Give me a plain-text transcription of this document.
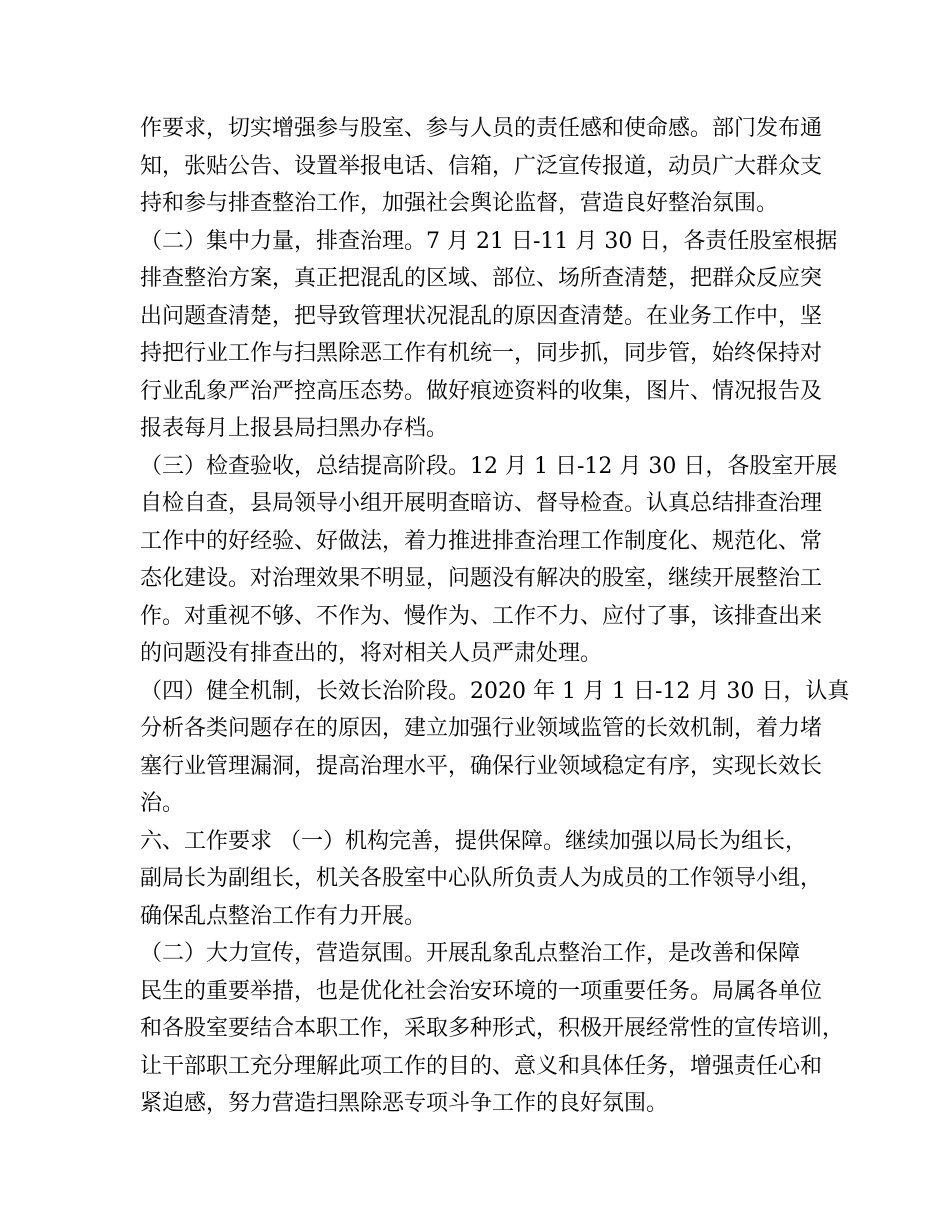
作要求，切实增强参与股室、参与人员的责任感和使命感。部门发布通
知，张贴公告、设置举报电话、信箱，广泛宣传报道，动员广大群众支
持和参与排查整治工作，加强社会舆论监督，营造良好整治氛围。
（二）集中力量，排查治理。7 月 21 日-11 月 30 日，各责任股室根据
排查整治方案，真正把混乱的区域、部位、场所查清楚，把群众反应突
出问题查清楚，把导致管理状况混乱的原因查清楚。在业务工作中，坚
持把行业工作与扫黑除恶工作有机统一，同步抓，同步管，始终保持对
行业乱象严治严控高压态势。做好痕迹资料的收集，图片、情况报告及
报表每月上报县局扫黑办存档。
（三）检查验收，总结提高阶段。12 月 1 日-12 月 30 日，各股室开展
自检自查，县局领导小组开展明查暗访、督导检查。认真总结排查治理
工作中的好经验、好做法，着力推进排查治理工作制度化、规范化、常
态化建设。对治理效果不明显，问题没有解决的股室，继续开展整治工
作。对重视不够、不作为、慢作为、工作不力、应付了事，该排查出来
的问题没有排查出的，将对相关人员严肃处理。
（四）健全机制，长效长治阶段。2020 年 1 月 1 日-12 月 30 日，认真
分析各类问题存在的原因，建立加强行业领域监管的长效机制，着力堵
塞行业管理漏洞，提高治理水平，确保行业领域稳定有序，实现长效长
治。
六、工作要求 （一）机构完善，提供保障。继续加强以局长为组长，
副局长为副组长，机关各股室中心队所负责人为成员的工作领导小组，
确保乱点整治工作有力开展。
（二）大力宣传，营造氛围。开展乱象乱点整治工作，是改善和保障
民生的重要举措，也是优化社会治安环境的一项重要任务。局属各单位
和各股室要结合本职工作，采取多种形式，积极开展经常性的宣传培训，
让干部职工充分理解此项工作的目的、意义和具体任务，增强责任心和
紧迫感，努力营造扫黑除恶专项斗争工作的良好氛围。
